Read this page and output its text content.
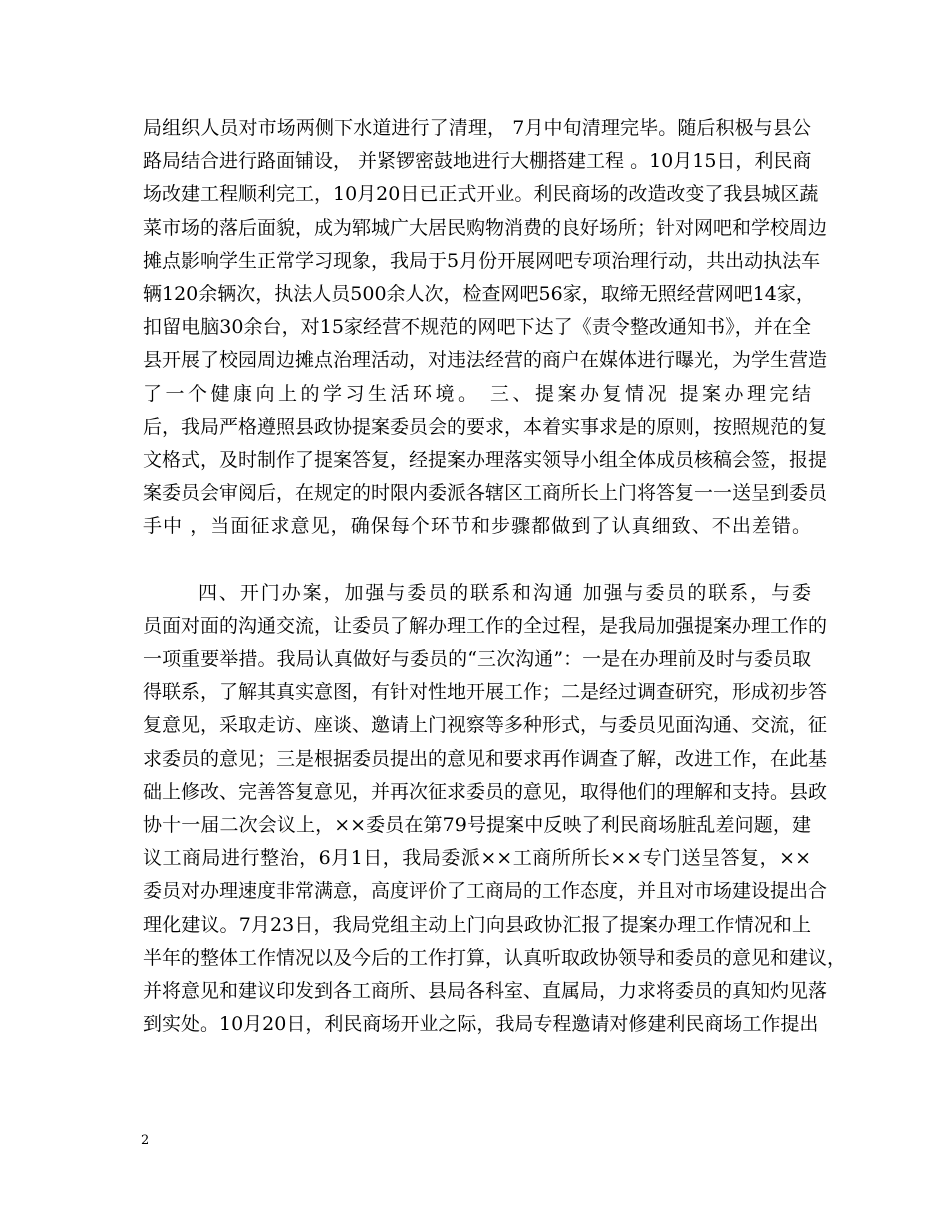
局组织人员对市场两侧下水道进行了清理， 7月中旬清理完毕。随后积极与县公
路局结合进行路面铺设， 并紧锣密鼓地进行大棚搭建工程 。10月15日，利民商
场改建工程顺利完工，10月20日已正式开业。利民商场的改造改变了我县城区蔬
菜市场的落后面貌，成为郓城广大居民购物消费的良好场所；针对网吧和学校周边
摊点影响学生正常学习现象，我局于5月份开展网吧专项治理行动，共出动执法车
辆120余辆次，执法人员500余人次，检查网吧56家，取缔无照经营网吧14家，
扣留电脑30余台，对15家经营不规范的网吧下达了《责令整改通知书》，并在全
县开展了校园周边摊点治理活动，对违法经营的商户在媒体进行曝光，为学生营造
了一个健康向上的学习生活环境。 三、提案办复情况 提案办理完结
后，我局严格遵照县政协提案委员会的要求，本着实事求是的原则，按照规范的复
文格式，及时制作了提案答复，经提案办理落实领导小组全体成员核稿会签，报提
案委员会审阅后，在规定的时限内委派各辖区工商所长上门将答复一一送呈到委员
手中 ，当面征求意见，确保每个环节和步骤都做到了认真细致、不出差错。
四、开门办案，加强与委员的联系和沟通 加强与委员的联系，与委
员面对面的沟通交流，让委员了解办理工作的全过程，是我局加强提案办理工作的
一项重要举措。我局认真做好与委员的“三次沟通”：一是在办理前及时与委员取
得联系，了解其真实意图，有针对性地开展工作；二是经过调查研究，形成初步答
复意见，采取走访、座谈、邀请上门视察等多种形式，与委员见面沟通、交流，征
求委员的意见；三是根据委员提出的意见和要求再作调查了解，改进工作，在此基
础上修改、完善答复意见，并再次征求委员的意见，取得他们的理解和支持。县政
协十一届二次会议上，××委员在第79号提案中反映了利民商场脏乱差问题，建
议工商局进行整治，6月1日，我局委派××工商所所长××专门送呈答复，××
委员对办理速度非常满意，高度评价了工商局的工作态度，并且对市场建设提出合
理化建议。7月23日，我局党组主动上门向县政协汇报了提案办理工作情况和上
半年的整体工作情况以及今后的工作打算，认真听取政协领导和委员的意见和建议，
并将意见和建议印发到各工商所、县局各科室、直属局，力求将委员的真知灼见落
到实处。10月20日，利民商场开业之际，我局专程邀请对修建利民商场工作提出
2
